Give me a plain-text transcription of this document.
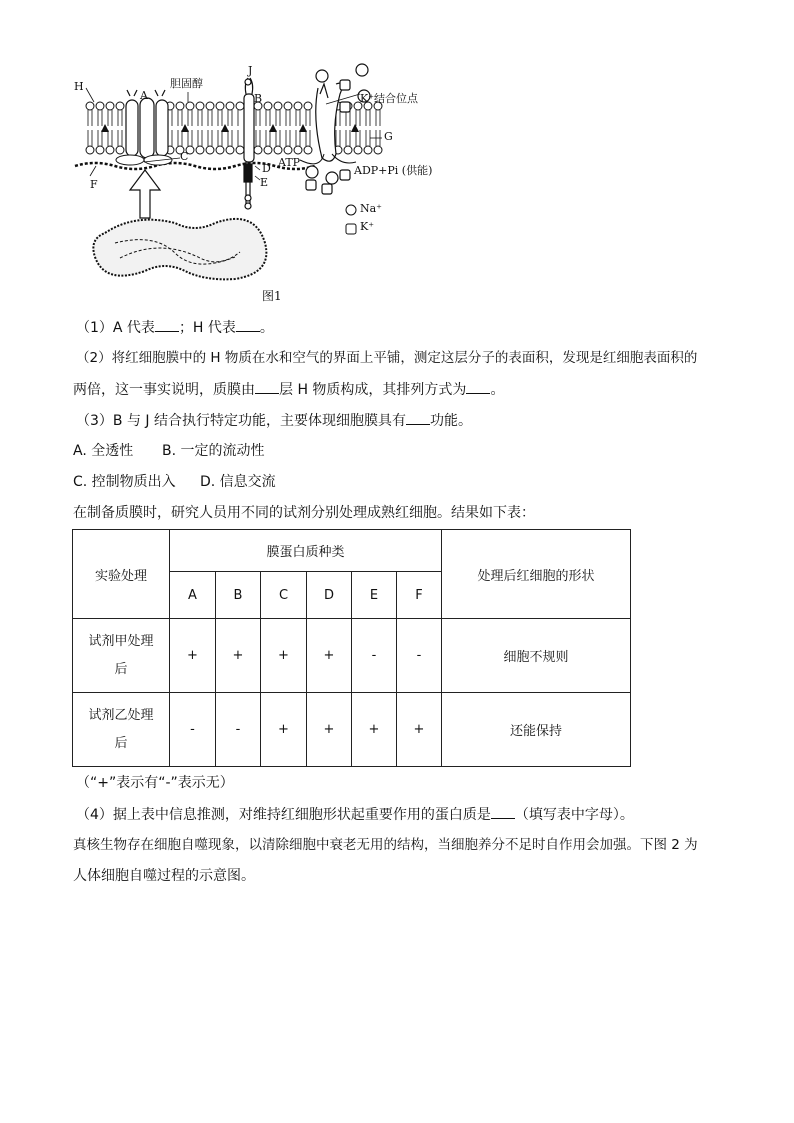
H
A
胆固醇
J
B	K⁺结合位点
G
C
D
E
F
ATP
ADP+Pi (供能)
Na⁺
K⁺
图1
（1）A 代表 ；H 代表 。
（2）将红细胞膜中的 H 物质在水和空气的界面上平铺，测定这层分子的表面积，发现是红细胞表面积的
两倍，这一事实说明，质膜由 层 H 物质构成，其排列方式为 。
（3）B 与 J 结合执行特定功能，主要体现细胞膜具有 功能。
A. 全透性 B. 一定的流动性
C. 控制物质出入 D. 信息交流
在制备质膜时，研究人员用不同的试剂分别处理成熟红细胞。结果如下表：
实验处理	膜蛋白质种类						处理后红细胞的形状
	A	B	C	D	E	F	
试剂甲处理
后	+	+	+	+	-	-	细胞不规则
试剂乙处理
后	-	-	+	+	+	+	还能保持
（“+”表示有“-”表示无）
（4）据上表中信息推测，对维持红细胞形状起重要作用的蛋白质是 （填写表中字母）。
真核生物存在细胞自噬现象，以清除细胞中衰老无用的结构，当细胞养分不足时自作用会加强。下图 2 为
人体细胞自噬过程的示意图。
